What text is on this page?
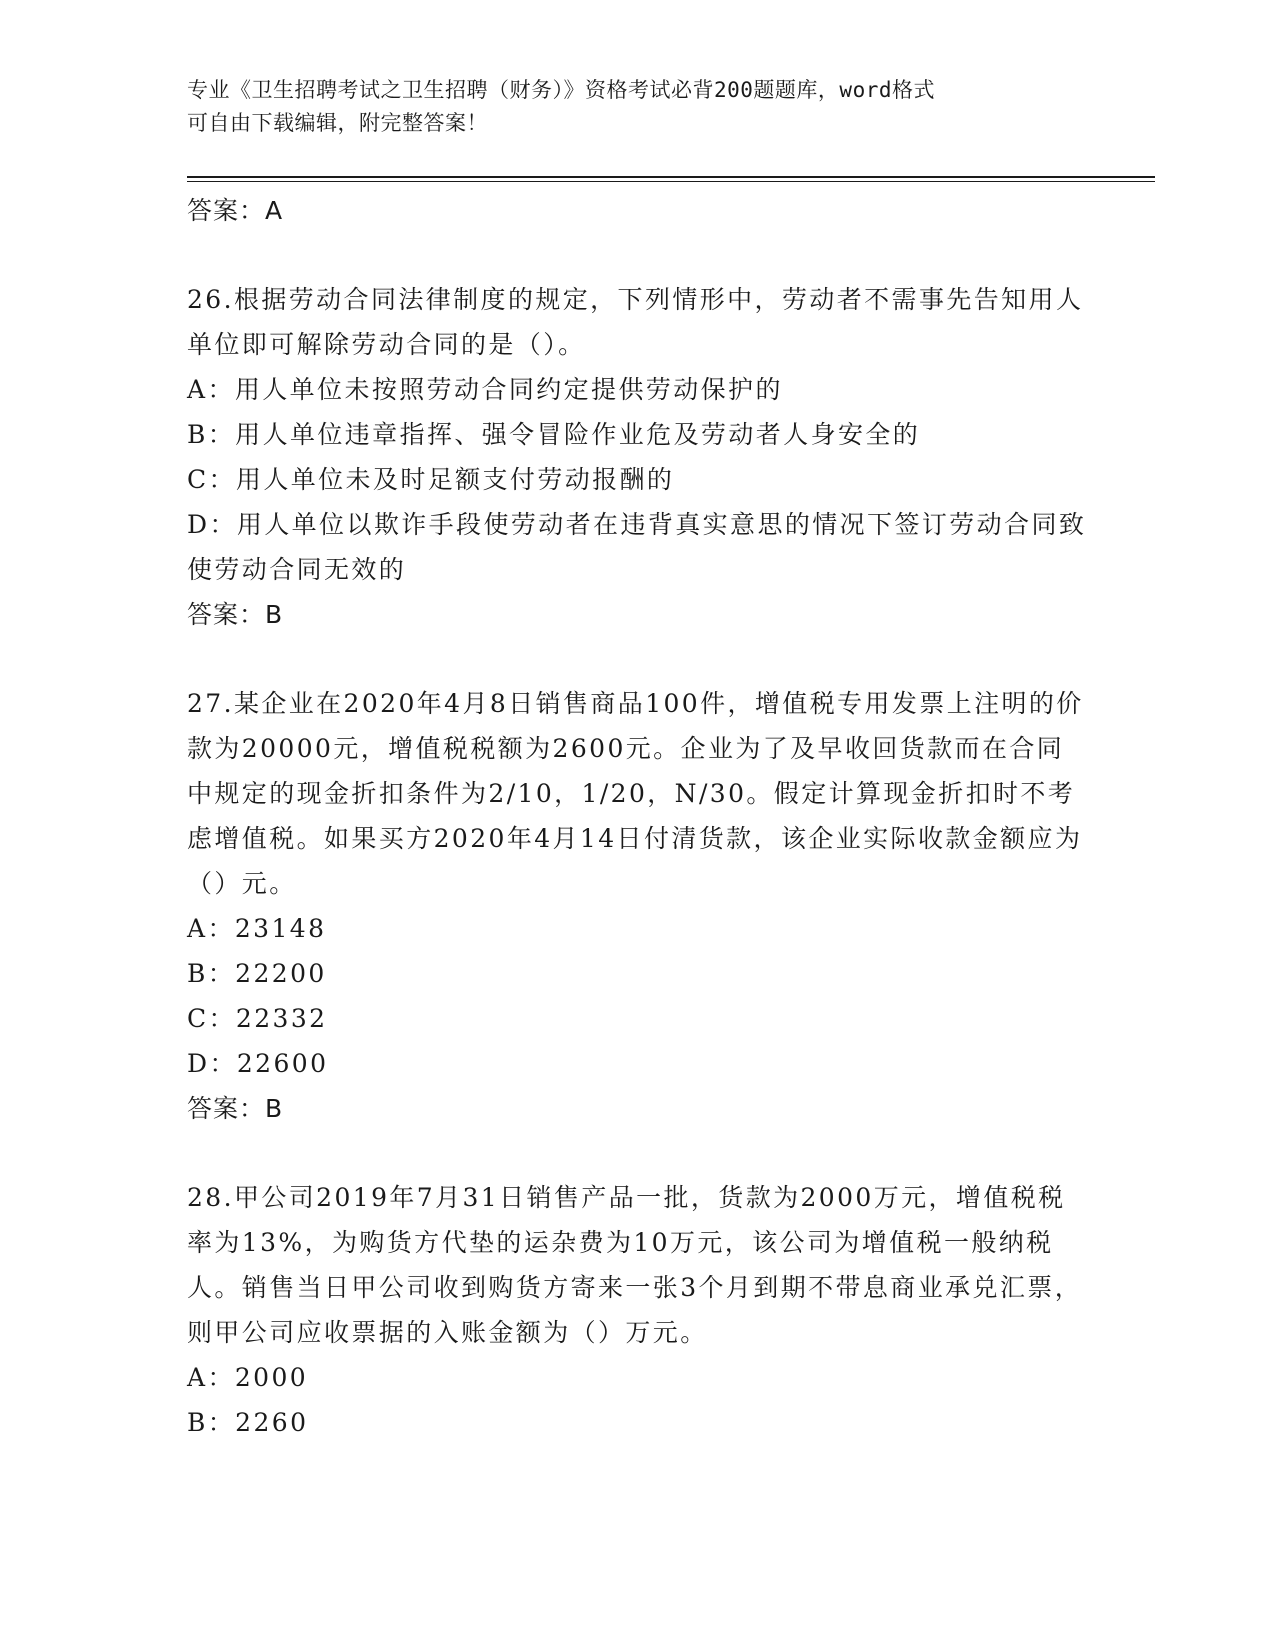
专业《卫生招聘考试之卫生招聘（财务）》资格考试必背200题题库，word格式
可自由下载编辑，附完整答案！
答案：A

26.根据劳动合同法律制度的规定，下列情形中，劳动者不需事先告知用人单位即可解除劳动合同的是（）。

A：用人单位未按照劳动合同约定提供劳动保护的

B：用人单位违章指挥、强令冒险作业危及劳动者人身安全的

C：用人单位未及时足额支付劳动报酬的

D：用人单位以欺诈手段使劳动者在违背真实意思的情况下签订劳动合同致使劳动合同无效的

答案：B

27.某企业在2020年4月8日销售商品100件，增值税专用发票上注明的价款为20000元，增值税税额为2600元。企业为了及早收回货款而在合同中规定的现金折扣条件为2/10，1/20，N/30。假定计算现金折扣时不考虑增值税。如果买方2020年4月14日付清货款，该企业实际收款金额应为（）元。

A：23148

B：22200

C：22332

D：22600

答案：B

28.甲公司2019年7月31日销售产品一批，货款为2000万元，增值税税率为13%，为购货方代垫的运杂费为10万元，该公司为增值税一般纳税人。销售当日甲公司收到购货方寄来一张3个月到期不带息商业承兑汇票，则甲公司应收票据的入账金额为（）万元。

A：2000

B：2260
